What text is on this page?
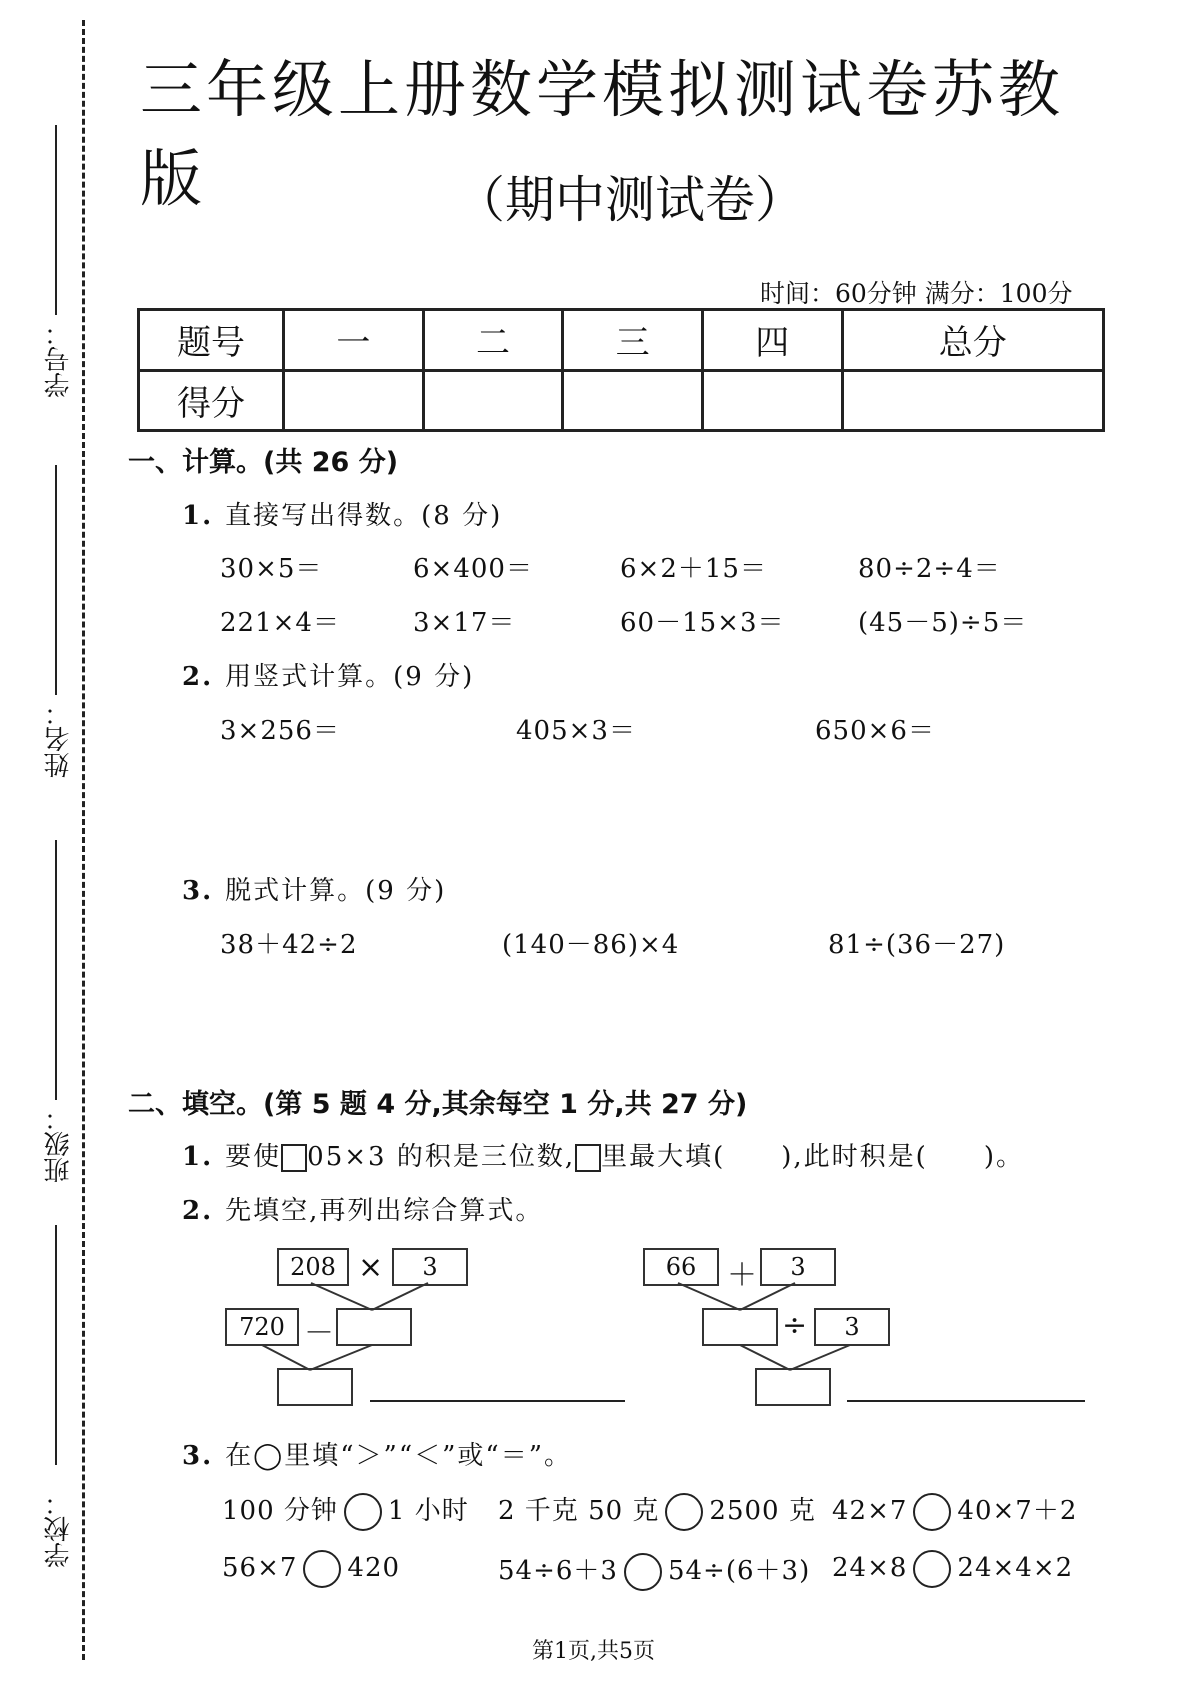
学号：
姓名：
班级：
学校：
三年级上册数学模拟测试卷苏教版	（期中测试卷）
时间：60分钟 满分：100分
题号	一	二	三	四	总分
得分					
一、计算。(共 26 分)
1. 直接写出得数。(8 分)
30×5＝	6×400＝	6×2＋15＝	80÷2÷4＝
221×4＝	3×17＝	60－15×3＝	(45－5)÷5＝
2. 用竖式计算。(9 分)
3×256＝	405×3＝	650×6＝
3. 脱式计算。(9 分)
38＋42÷2	(140－86)×4	81÷(36－27)
二、填空。(第 5 题 4 分,其余每空 1 分,共 27 分)
1. 要使 05×3 的积是三位数, 里最大填(　　),此时积是(　　)。
2. 先填空,再列出综合算式。
208 ×	3
720 －
66	＋	3
÷	3
3. 在◯里填“＞”“＜”或“＝”。
100 分钟 1 小时 2 千克 50 克 2500 克 42×7 40×7＋2
56×7 420	54÷6＋3 54÷(6＋3) 24×8 24×4×2
第1页,共5页
